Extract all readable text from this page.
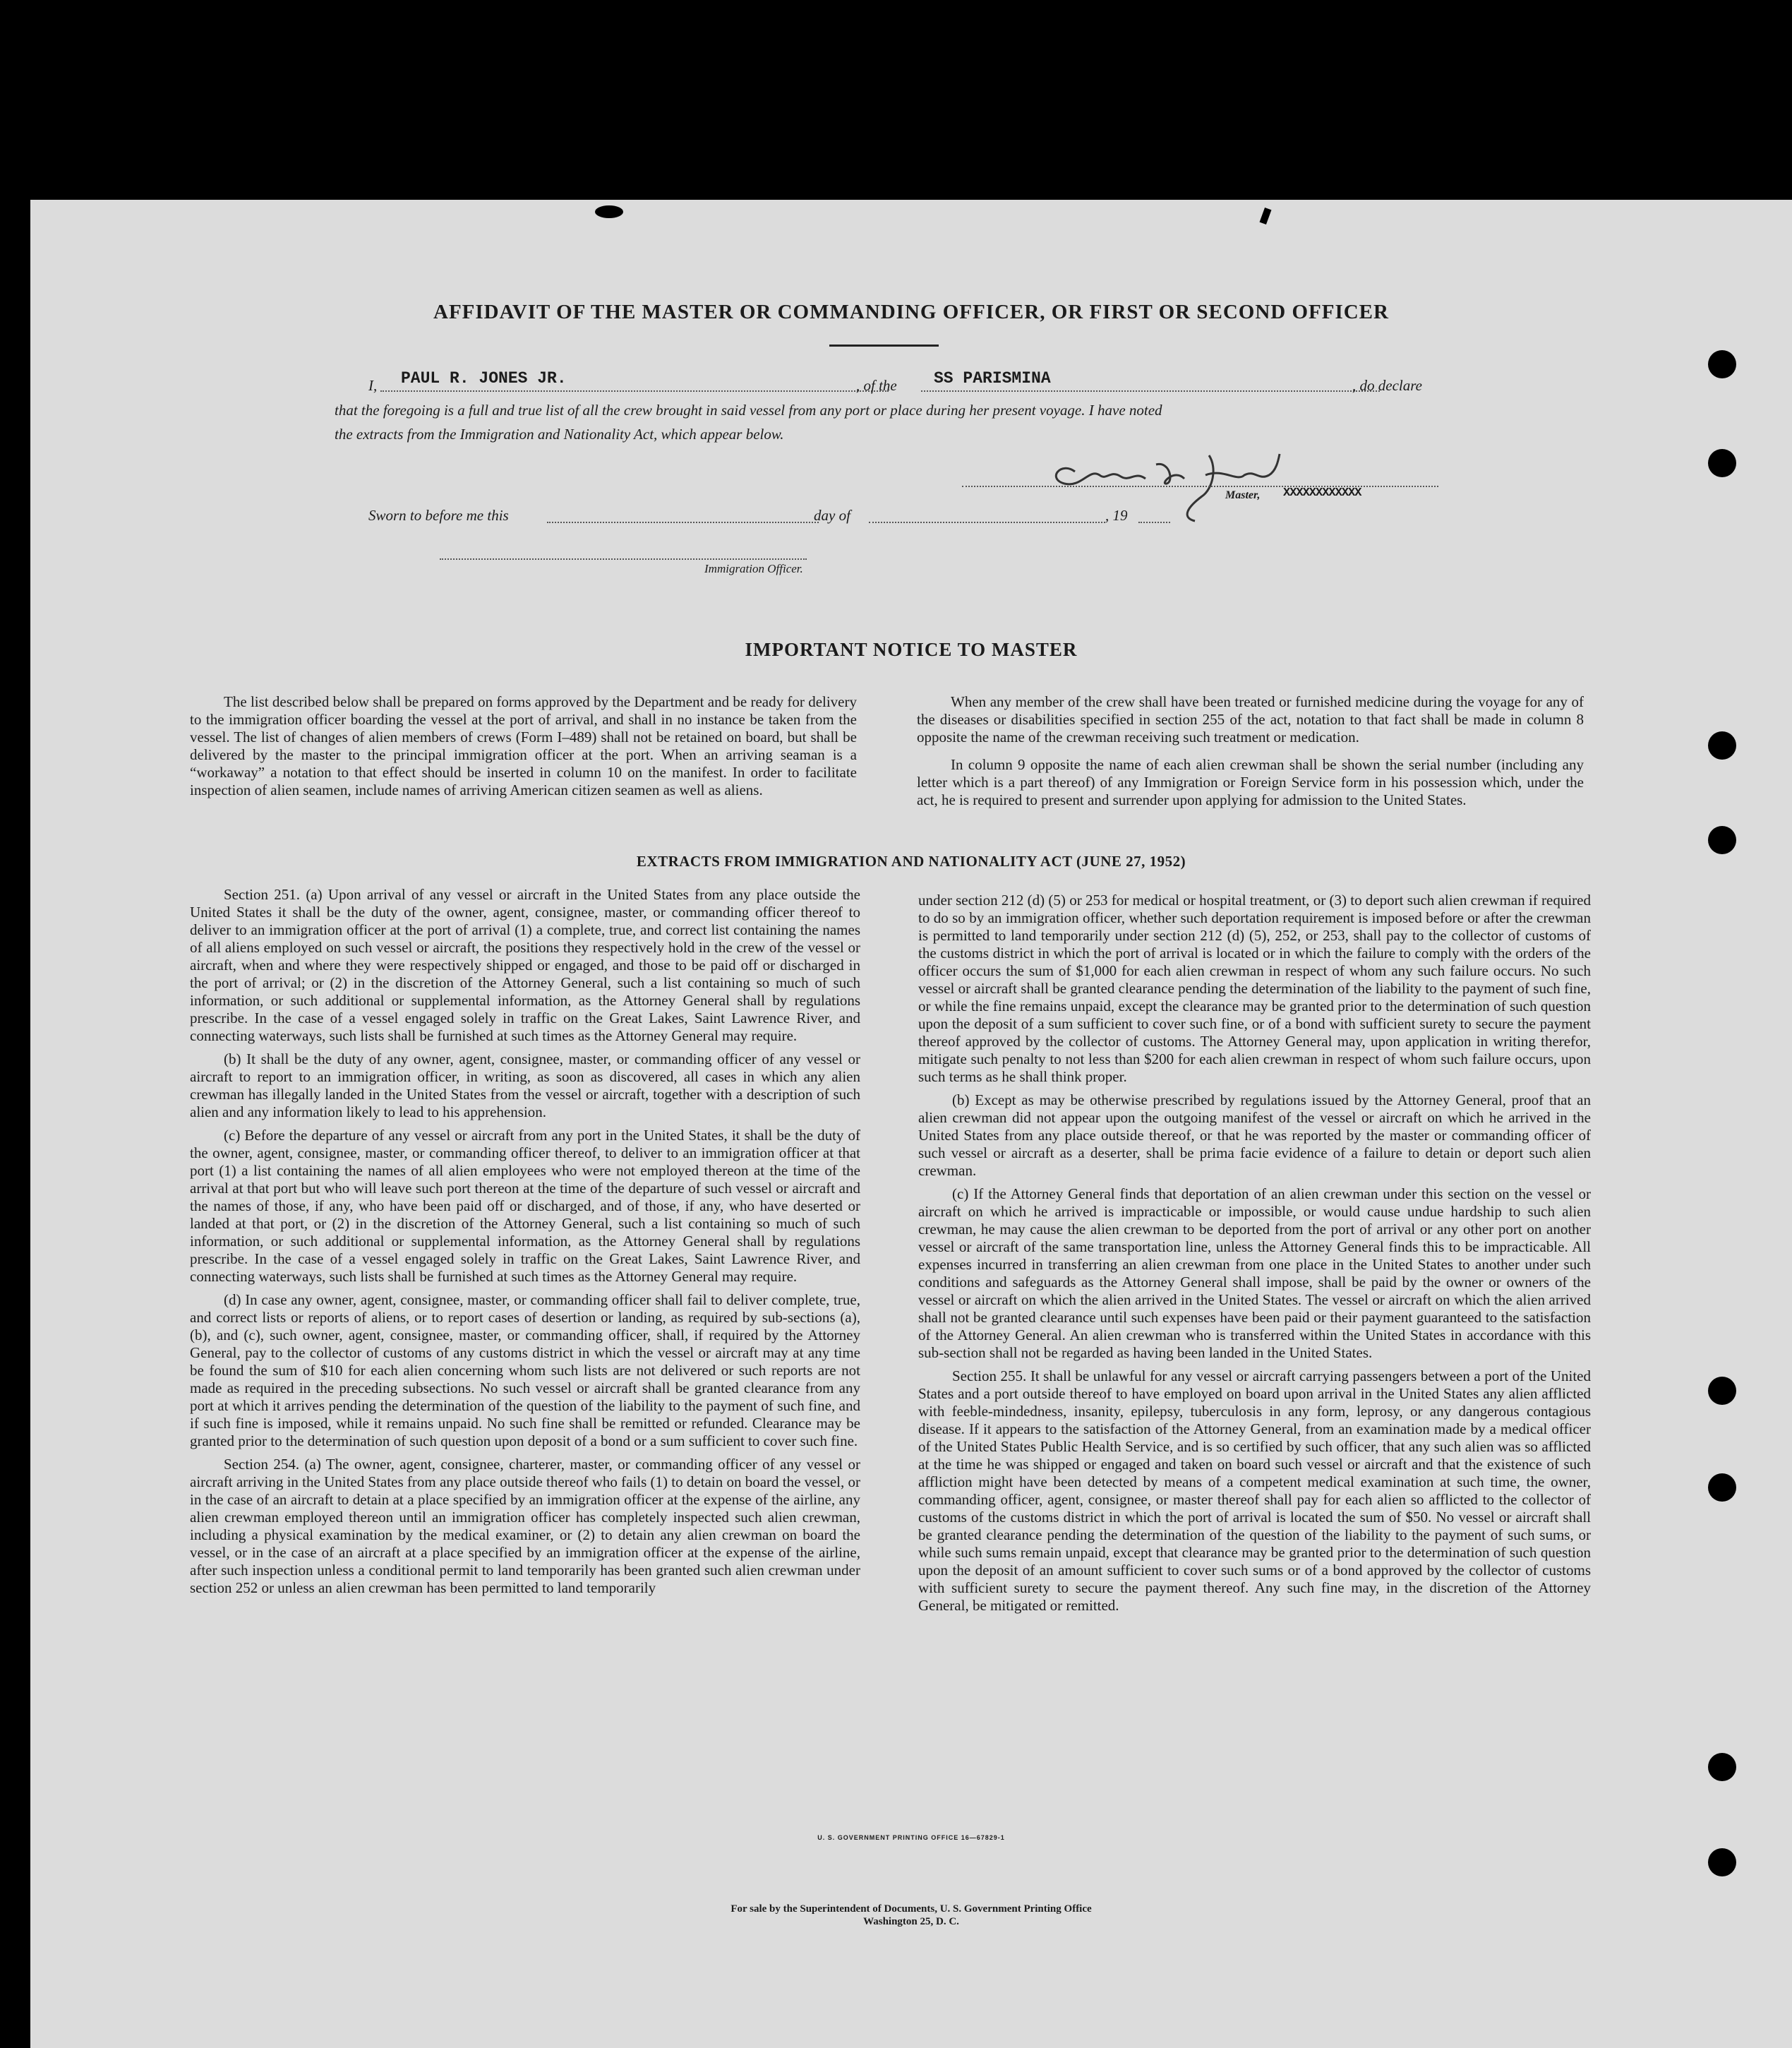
AFFIDAVIT OF THE MASTER OR COMMANDING OFFICER, OR FIRST OR SECOND OFFICER
I, PAUL R. JONES JR.	, of the SS PARISMINA	, do declare
that the foregoing is a full and true list of all the crew brought in said vessel from any port or place during her present voyage. I have noted
the extracts from the Immigration and Nationality Act, which appear below.
Master, XXXXXXXXXXXX
Sworn to before me this	day of	, 19
Immigration Officer.
IMPORTANT NOTICE TO MASTER

The list described below shall be prepared on forms approved by the Department and be ready for delivery to the immigration officer boarding the vessel at the port of arrival, and shall in no instance be taken from the vessel. The list of changes of alien members of crews (Form I–489) shall not be retained on board, but shall be delivered by the master to the principal immigration officer at the port. When an arriving seaman is a “workaway” a notation to that effect should be inserted in column 10 on the manifest. In order to facilitate inspection of alien seamen, include names of arriving American citizen seamen as well as aliens.

When any member of the crew shall have been treated or furnished medicine during the voyage for any of the diseases or disabilities specified in section 255 of the act, notation to that fact shall be made in column 8 opposite the name of the crewman receiving such treatment or medication.

In column 9 opposite the name of each alien crewman shall be shown the serial number (including any letter which is a part thereof) of any Immigration or Foreign Service form in his possession which, under the act, he is required to present and surrender upon applying for admission to the United States.

EXTRACTS FROM IMMIGRATION AND NATIONALITY ACT (JUNE 27, 1952)

Section 251. (a) Upon arrival of any vessel or aircraft in the United States from any place outside the United States it shall be the duty of the owner, agent, consignee, master, or commanding officer thereof to deliver to an immigration officer at the port of arrival (1) a complete, true, and correct list containing the names of all aliens employed on such vessel or aircraft, the positions they respectively hold in the crew of the vessel or aircraft, when and where they were respectively shipped or engaged, and those to be paid off or discharged in the port of arrival; or (2) in the discretion of the Attorney General, such a list containing so much of such information, or such additional or supplemental information, as the Attorney General shall by regulations prescribe. In the case of a vessel engaged solely in traffic on the Great Lakes, Saint Lawrence River, and connecting waterways, such lists shall be furnished at such times as the Attorney General may require.

(b) It shall be the duty of any owner, agent, consignee, master, or commanding officer of any vessel or aircraft to report to an immigration officer, in writing, as soon as discovered, all cases in which any alien crewman has illegally landed in the United States from the vessel or aircraft, together with a description of such alien and any information likely to lead to his apprehension.

(c) Before the departure of any vessel or aircraft from any port in the United States, it shall be the duty of the owner, agent, consignee, master, or commanding officer thereof, to deliver to an immigration officer at that port (1) a list containing the names of all alien employees who were not employed thereon at the time of the arrival at that port but who will leave such port thereon at the time of the departure of such vessel or aircraft and the names of those, if any, who have been paid off or discharged, and of those, if any, who have deserted or landed at that port, or (2) in the discretion of the Attorney General, such a list containing so much of such information, or such additional or supplemental information, as the Attorney General shall by regulations prescribe. In the case of a vessel engaged solely in traffic on the Great Lakes, Saint Lawrence River, and connecting waterways, such lists shall be furnished at such times as the Attorney General may require.

(d) In case any owner, agent, consignee, master, or commanding officer shall fail to deliver complete, true, and correct lists or reports of aliens, or to report cases of desertion or landing, as required by sub-sections (a), (b), and (c), such owner, agent, consignee, master, or commanding officer, shall, if required by the Attorney General, pay to the collector of customs of any customs district in which the vessel or aircraft may at any time be found the sum of $10 for each alien concerning whom such lists are not delivered or such reports are not made as required in the preceding subsections. No such vessel or aircraft shall be granted clearance from any port at which it arrives pending the determination of the question of the liability to the payment of such fine, and if such fine is imposed, while it remains unpaid. No such fine shall be remitted or refunded. Clearance may be granted prior to the determination of such question upon deposit of a bond or a sum sufficient to cover such fine.

Section 254. (a) The owner, agent, consignee, charterer, master, or commanding officer of any vessel or aircraft arriving in the United States from any place outside thereof who fails (1) to detain on board the vessel, or in the case of an aircraft to detain at a place specified by an immigration officer at the expense of the airline, any alien crewman employed thereon until an immigration officer has completely inspected such alien crewman, including a physical examination by the medical examiner, or (2) to detain any alien crewman on board the vessel, or in the case of an aircraft at a place specified by an immigration officer at the expense of the airline, after such inspection unless a conditional permit to land temporarily has been granted such alien crewman under section 252 or unless an alien crewman has been permitted to land temporarily

under section 212 (d) (5) or 253 for medical or hospital treatment, or (3) to deport such alien crewman if required to do so by an immigration officer, whether such deportation requirement is imposed before or after the crewman is permitted to land temporarily under section 212 (d) (5), 252, or 253, shall pay to the collector of customs of the customs district in which the port of arrival is located or in which the failure to comply with the orders of the officer occurs the sum of $1,000 for each alien crewman in respect of whom any such failure occurs. No such vessel or aircraft shall be granted clearance pending the determination of the liability to the payment of such fine, or while the fine remains unpaid, except the clearance may be granted prior to the determination of such question upon the deposit of a sum sufficient to cover such fine, or of a bond with sufficient surety to secure the payment thereof approved by the collector of customs. The Attorney General may, upon application in writing therefor, mitigate such penalty to not less than $200 for each alien crewman in respect of whom such failure occurs, upon such terms as he shall think proper.

(b) Except as may be otherwise prescribed by regulations issued by the Attorney General, proof that an alien crewman did not appear upon the outgoing manifest of the vessel or aircraft on which he arrived in the United States from any place outside thereof, or that he was reported by the master or commanding officer of such vessel or aircraft as a deserter, shall be prima facie evidence of a failure to detain or deport such alien crewman.

(c) If the Attorney General finds that deportation of an alien crewman under this section on the vessel or aircraft on which he arrived is impracticable or impossible, or would cause undue hardship to such alien crewman, he may cause the alien crewman to be deported from the port of arrival or any other port on another vessel or aircraft of the same transportation line, unless the Attorney General finds this to be impracticable. All expenses incurred in transferring an alien crewman from one place in the United States to another under such conditions and safeguards as the Attorney General shall impose, shall be paid by the owner or owners of the vessel or aircraft on which the alien arrived in the United States. The vessel or aircraft on which the alien arrived shall not be granted clearance until such expenses have been paid or their payment guaranteed to the satisfaction of the Attorney General. An alien crewman who is transferred within the United States in accordance with this sub-section shall not be regarded as having been landed in the United States.

Section 255. It shall be unlawful for any vessel or aircraft carrying passengers between a port of the United States and a port outside thereof to have employed on board upon arrival in the United States any alien afflicted with feeble-mindedness, insanity, epilepsy, tuberculosis in any form, leprosy, or any dangerous contagious disease. If it appears to the satisfaction of the Attorney General, from an examination made by a medical officer of the United States Public Health Service, and is so certified by such officer, that any such alien was so afflicted at the time he was shipped or engaged and taken on board such vessel or aircraft and that the existence of such affliction might have been detected by means of a competent medical examination at such time, the owner, commanding officer, agent, consignee, or master thereof shall pay for each alien so afflicted to the collector of customs of the customs district in which the port of arrival is located the sum of $50. No vessel or aircraft shall be granted clearance pending the determination of the question of the liability to the payment of such sums, or while such sums remain unpaid, except that clearance may be granted prior to the determination of such question upon the deposit of an amount sufficient to cover such sums or of a bond approved by the collector of customs with sufficient surety to secure the payment thereof. Any such fine may, in the discretion of the Attorney General, be mitigated or remitted.

U. S. GOVERNMENT PRINTING OFFICE 16—67829-1
For sale by the Superintendent of Documents, U. S. Government Printing Office
Washington 25, D. C.
